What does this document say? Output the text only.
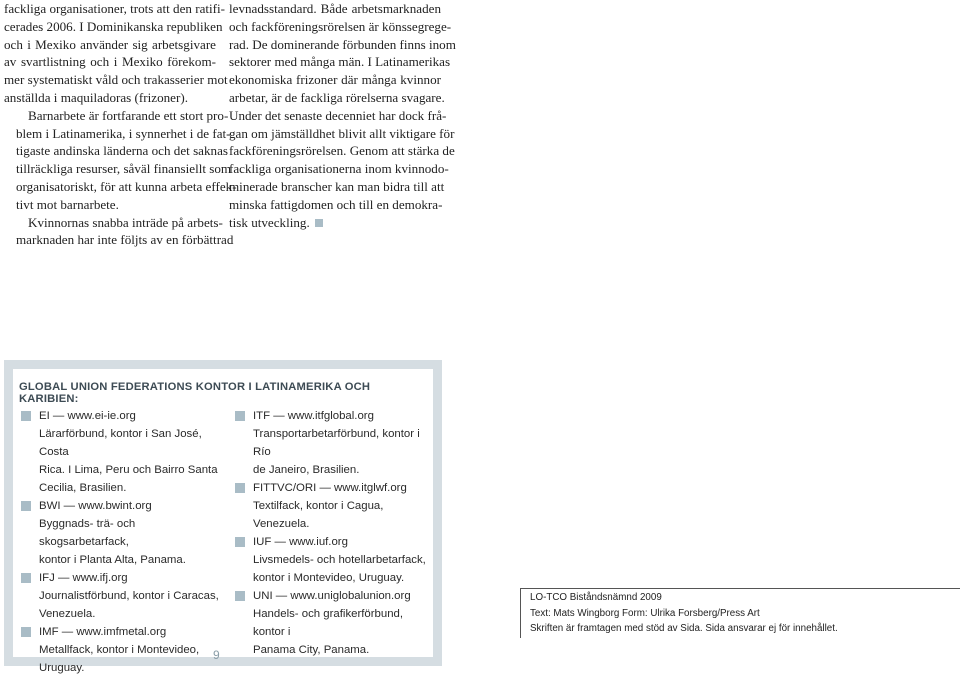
fackliga organisationer, trots att den ratifi-
cerades 2006. I Dominikanska republiken
och i Mexiko använder sig arbetsgivare
av svartlistning och i Mexiko förekom-
mer systematiskt våld och trakasserier mot
anställda i maquiladoras (frizoner).

Barnarbete är fortfarande ett stort pro-
blem i Latinamerika, i synnerhet i de fat-
tigaste andinska länderna och det saknas
tillräckliga resurser, såväl finansiellt som
organisatoriskt, för att kunna arbeta effek-
tivt mot barnarbete.

Kvinnornas snabba inträde på arbets-
marknaden har inte följts av en förbättrad

levnadsstandard. Både arbetsmarknaden
och fackföreningsrörelsen är könssegrege-
rad. De dominerande förbunden finns inom
sektorer med många män. I Latinamerikas
ekonomiska frizoner där många kvinnor
arbetar, är de fackliga rörelserna svagare.
Under det senaste decenniet har dock frå-
gan om jämställdhet blivit allt viktigare för
fackföreningsrörelsen. Genom att stärka de
fackliga organisationerna inom kvinnodo-
minerade branscher kan man bidra till att
minska fattigdomen och till en demokra-
tisk utveckling.

GLOBAL UNION FEDERATIONS KONTOR I LATINAMERIKA OCH KARIBIEN:
EI — www.ei-ie.org
Lärarförbund, kontor i San José, Costa
Rica. I Lima, Peru och Bairro Santa
Cecilia, Brasilien.
BWI — www.bwint.org
Byggnads- trä- och skogsarbetarfack,
kontor i Planta Alta, Panama.
IFJ — www.ifj.org
Journalistförbund, kontor i Caracas,
Venezuela.
IMF — www.imfmetal.org
Metallfack, kontor i Montevideo,
Uruguay.
ITF — www.itfglobal.org
Transportarbetarförbund, kontor i Río
de Janeiro, Brasilien.
FITTVC/ORI — www.itglwf.org
Textilfack, kontor i Cagua, Venezuela.
IUF — www.iuf.org
Livsmedels- och hotellarbetarfack,
kontor i Montevideo, Uruguay.
UNI — www.uniglobalunion.org
Handels- och grafikerförbund, kontor i
Panama City, Panama.
9
LO-TCO Biståndsnämnd 2009
Text: Mats Wingborg Form: Ulrika Forsberg/Press Art
Skriften är framtagen med stöd av Sida. Sida ansvarar ej för innehållet.
